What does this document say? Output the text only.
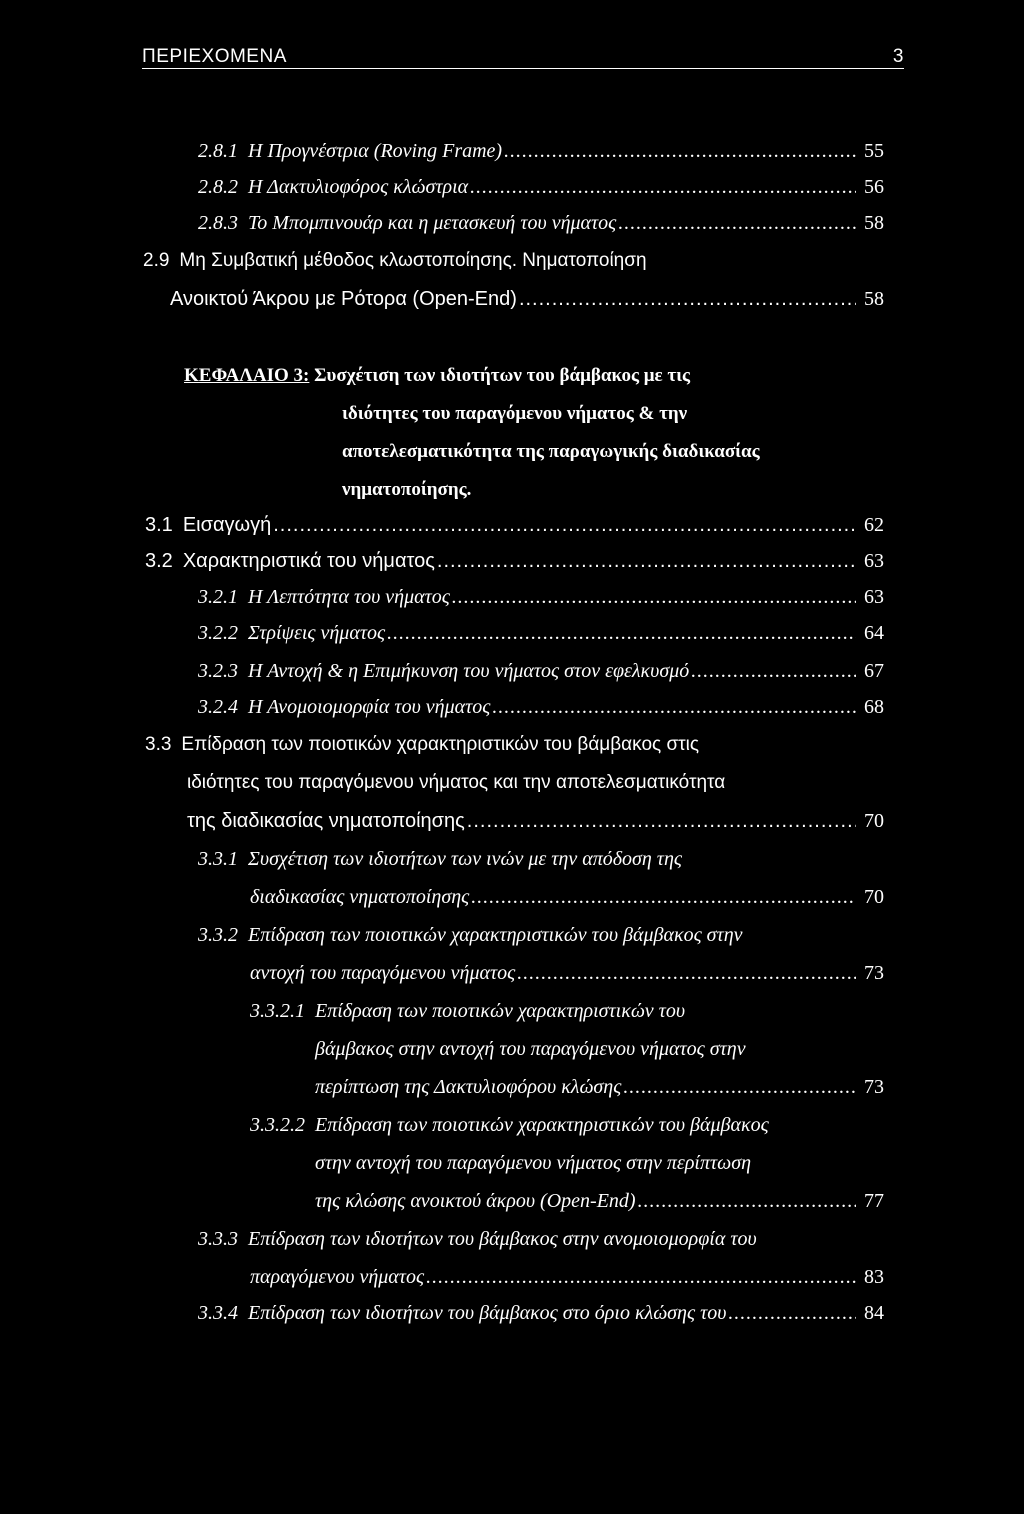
ΠΕΡΙΕΧΟΜΕΝΑ	3
2.8.1 Η Προγνέστρια (Roving Frame) .....	55
2.8.2 Η Δακτυλιοφόρος κλώστρια .....	56
2.8.3 Το Μπομπινουάρ και η μετασκευή του νήματος .....	58
2.9 Μη Συμβατική μέθοδος κλωστοποίησης. Νηματοποίηση
Ανοικτού Άκρου με Ρότορα (Open-End) .....	58
ΚΕΦΑΛΑΙΟ 3: Συσχέτιση των ιδιοτήτων του βάμβακος με τις
ιδιότητες του παραγόμενου νήματος & την
αποτελεσματικότητα της παραγωγικής διαδικασίας
νηματοποίησης.
3.1 Εισαγωγή .....	62
3.2 Χαρακτηριστικά του νήματος .....	63
3.2.1 Η Λεπτότητα του νήματος .....	63
3.2.2 Στρίψεις νήματος .....	64
3.2.3 Η Αντοχή & η Επιμήκυνση του νήματος στον εφελκυσμό .....	67
3.2.4 Η Ανομοιομορφία του νήματος .....	68
3.3 Επίδραση των ποιοτικών χαρακτηριστικών του βάμβακος στις
ιδιότητες του παραγόμενου νήματος και την αποτελεσματικότητα
της διαδικασίας νηματοποίησης .....	70
3.3.1 Συσχέτιση των ιδιοτήτων των ινών με την απόδοση της
διαδικασίας νηματοποίησης .....	70
3.3.2 Επίδραση των ποιοτικών χαρακτηριστικών του βάμβακος στην
αντοχή του παραγόμενου νήματος .....	73
3.3.2.1 Επίδραση των ποιοτικών χαρακτηριστικών του
βάμβακος στην αντοχή του παραγόμενου νήματος στην
περίπτωση της Δακτυλιοφόρου κλώσης .....	73
3.3.2.2 Επίδραση των ποιοτικών χαρακτηριστικών του βάμβακος
στην αντοχή του παραγόμενου νήματος στην περίπτωση
της κλώσης ανοικτού άκρου (Open-End) .....	77
3.3.3 Επίδραση των ιδιοτήτων του βάμβακος στην ανομοιομορφία του
παραγόμενου νήματος .....	83
3.3.4 Επίδραση των ιδιοτήτων του βάμβακος στο όριο κλώσης του .....	84
